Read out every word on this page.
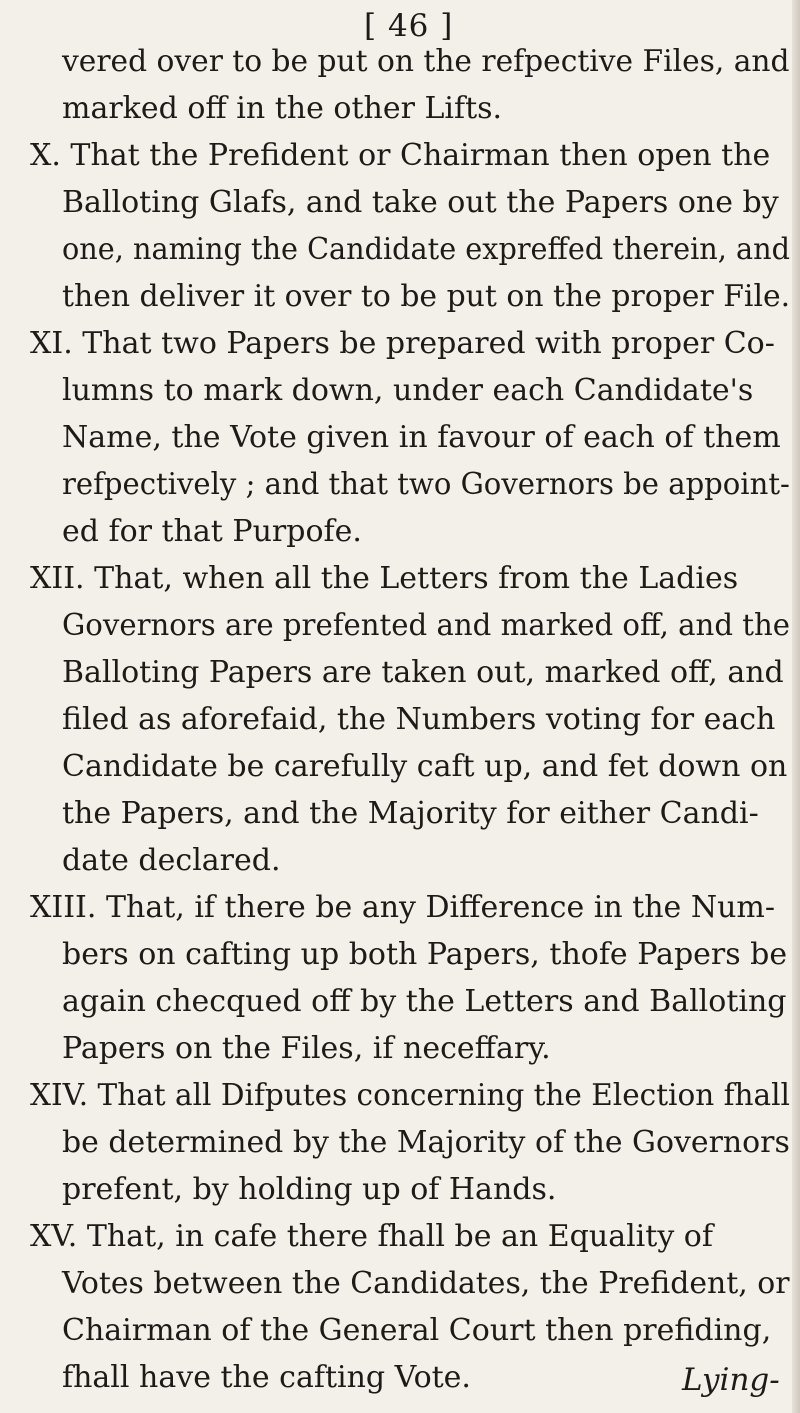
[ 46 ]
vered over to be put on the refpective Files, and
marked off in the other Lifts.
X. That the Prefident or Chairman then open the
Balloting Glafs, and take out the Papers one by
one, naming the Candidate expreffed therein, and
then deliver it over to be put on the proper File.
XI. That two Papers be prepared with proper Co-
lumns to mark down, under each Candidate's
Name, the Vote given in favour of each of them
refpectively ; and that two Governors be appoint-
ed for that Purpofe.
XII. That, when all the Letters from the Ladies
Governors are prefented and marked off, and the
Balloting Papers are taken out, marked off, and
filed as aforefaid, the Numbers voting for each
Candidate be carefully caft up, and fet down on
the Papers, and the Majority for either Candi-
date declared.
XIII. That, if there be any Difference in the Num-
bers on cafting up both Papers, thofe Papers be
again checqued off by the Letters and Balloting
Papers on the Files, if neceffary.
XIV. That all Difputes concerning the Election fhall
be determined by the Majority of the Governors
prefent, by holding up of Hands.
XV. That, in cafe there fhall be an Equality of
Votes between the Candidates, the Prefident, or
Chairman of the General Court then prefiding,
fhall have the cafting Vote.	Lying-
